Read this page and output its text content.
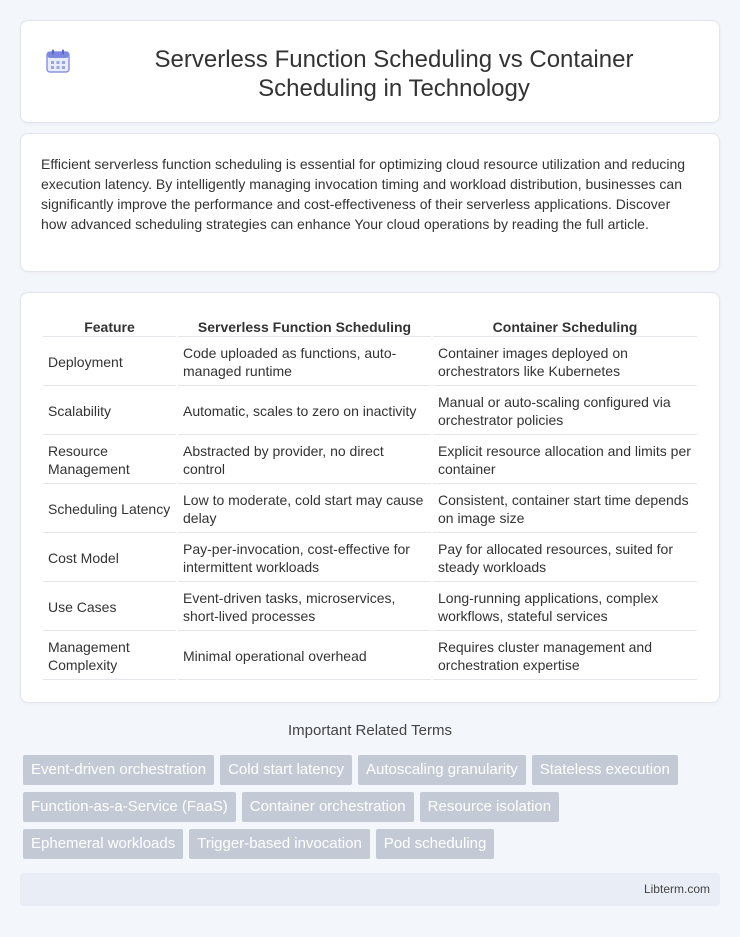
Serverless Function Scheduling vs Container Scheduling in Technology

Efficient serverless function scheduling is essential for optimizing cloud resource utilization and reducing execution latency. By intelligently managing invocation timing and workload distribution, businesses can significantly improve the performance and cost-effectiveness of their serverless applications. Discover how advanced scheduling strategies can enhance Your cloud operations by reading the full article.

Feature	Serverless Function Scheduling	Container Scheduling
Deployment	Code uploaded as functions, auto-managed runtime	Container images deployed on orchestrators like Kubernetes
Scalability	Automatic, scales to zero on inactivity	Manual or auto-scaling configured via orchestrator policies
Resource Management	Abstracted by provider, no direct control	Explicit resource allocation and limits per container
Scheduling Latency	Low to moderate, cold start may cause delay	Consistent, container start time depends on image size
Cost Model	Pay-per-invocation, cost-effective for intermittent workloads	Pay for allocated resources, suited for steady workloads
Use Cases	Event-driven tasks, microservices, short-lived processes	Long-running applications, complex workflows, stateful services
Management Complexity	Minimal operational overhead	Requires cluster management and orchestration expertise
Important Related Terms
Event-driven orchestration	Cold start latency	Autoscaling granularity	Stateless execution
Function-as-a-Service (FaaS)	Container orchestration	Resource isolation
Ephemeral workloads	Trigger-based invocation	Pod scheduling
Libterm.com
